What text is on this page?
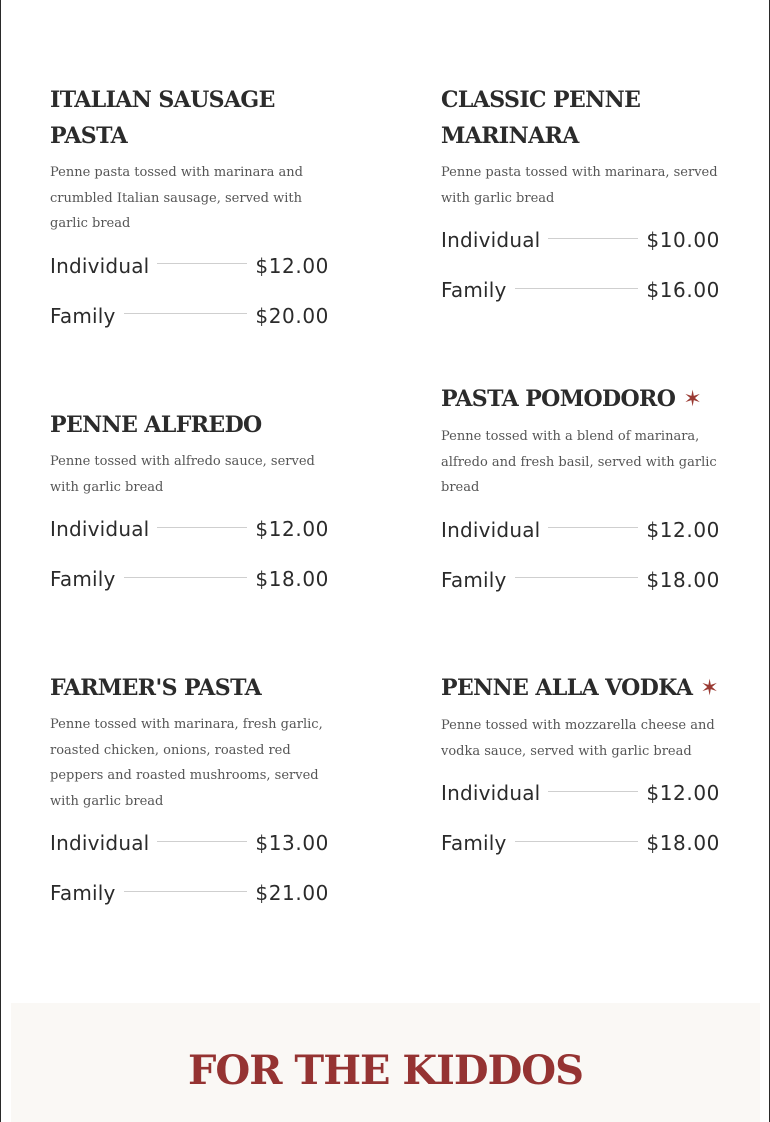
ITALIAN SAUSAGE PASTA

Penne pasta tossed with marinara and crumbled Italian sausage, served with garlic bread

Individual	$12.00
Family	$20.00
CLASSIC PENNE MARINARA

Penne pasta tossed with marinara, served with garlic bread

Individual	$10.00
Family	$16.00
PENNE ALFREDO

Penne tossed with alfredo sauce, served with garlic bread

Individual	$12.00
Family	$18.00
PASTA POMODORO ✶

Penne tossed with a blend of marinara, alfredo and fresh basil, served with garlic bread

Individual	$12.00
Family	$18.00
FARMER'S PASTA

Penne tossed with marinara, fresh garlic, roasted chicken, onions, roasted red peppers and roasted mushrooms, served with garlic bread

Individual	$13.00
Family	$21.00
PENNE ALLA VODKA ✶

Penne tossed with mozzarella cheese and vodka sauce, served with garlic bread

Individual	$12.00
Family	$18.00
FOR THE KIDDOS
